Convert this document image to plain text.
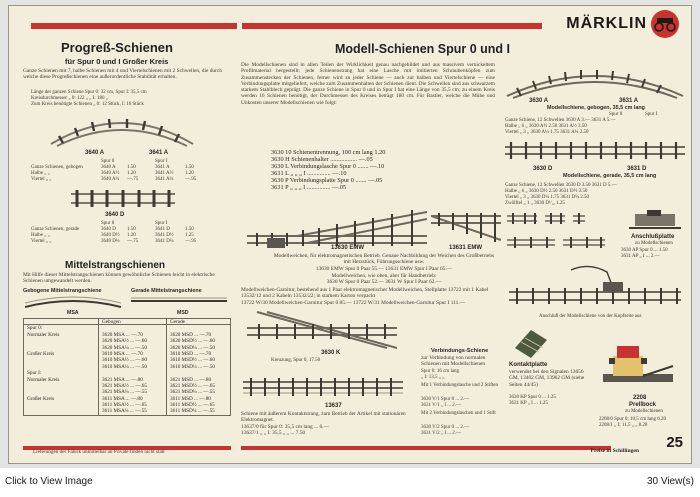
MÄRKLIN
Progreß-Schienen
für Spur 0 und I Großer Kreis
Ganze Schienen mit 7, halbe Schienen mit 4 und Viertelschienen mit 2 Schwellen, die durch welche diese Progreßschienen eine außerordentliche Stabilität erhalten.
Länge der ganzen Schiene Spur 0: 32 cm, Spur I: 35,5 cm
Kreisdurchmesser „ 0: 122 „ „ I: 180 „
Zum Kreis benötigte Schienen „ 0: 12 Stück, I: 16 Stück
3640 A	3641 A
Spur 0	Spur I
Ganze Schienen, gebogen	3640 A 1.50	3641 A	1.50
Halbe „ „	3640 A½ 1.20	3641 A½ 1.20
Viertel „ „	3640 A¼ —.75	3641 A¼ —.95
3640 D
Spur 0	Spur I
Ganze Schienen, gerade	3640 D 1.50	3641 D	1.50
Halbe „ „	3640 D½ 1.20	3641 D½ 1.25
Viertel „ „	3640 D¼ —.75	3641 D¼ —.95
Mittelstrangschienen
Mit Hilfe dieser Mittelstrangschienen können gewöhnliche Schienen leicht in elektrische Schienen umgewandelt werden.
Gebogene Mittelstrangschiene	Gerade Mittelstrangschiene
MSA	MSD
Gebogen	Gerade
Spur 0:
Normaler Kreis	3620 MSA ... —.70	3620 MSD ... —.70
3620 MSA½ ... —.60	3620 MSD½ ... —.60
3620 MSA¼ ... —.50	3620 MSD¼ ... —.50
Großer Kreis	3610 MSA ... —.70	3610 MSD ... —.70
3610 MSA½ ... —.60	3610 MSD½ ... —.60
3610 MSA¼ ... —.50	3610 MSD¼ ... —.50
Spur I:
Normaler Kreis	3621 MSA ... —.80	3621 MSD ... —.80
3621 MSA½ ... —.65	3621 MSD½ ... —.65
3621 MSA¼ ... —.55	3621 MSD¼ ... —.55
Großer Kreis	3611 MSA ... —.80	3611 MSD ... —.80
3611 MSA½ ... —.65	3611 MSD½ ... —.65
3611 MSA¼ ... —.55	3611 MSD¼ ... —.55
Lieferungen der Fabrik unmittelbar an Private finden nicht statt
Modell-Schienen Spur 0 und I
Die Modellschienen sind in allen Teilen der Wirklichkeit genau nachgebildet und aus massivem vernickeltem Profilmaterial hergestellt; jede Schienenstrang hat eine Lasche mit imitierten Schraubenköpfen zum Zusammenstecken der Schienen, ferner wird zu jeder Schiene — auch zur halben und Viertelschiene — eine Verbindungsplatte mitgeliefert, welche zum Zusammenhalten der Schienen dient. Die Schwellen sind aus schwarzem starkem Stahlblech geprägt. Die ganze Schiene in Spur 0 und in Spur I hat eine Länge von 35,5 cm; zu einem Kreis werden 16 Schienen benötigt, der Durchmesser des Kreises beträgt 180 cm. Für Bastler, welche die Mühe und Unkosten unserer Modellschienen wie folgt:
3630 10 Schienentrennung, 100 cm lang 1.20
3630 H Schienenhalter ................. —.05
3630 L Verbindungslasche Spur 0 ....... —.10
3631 L „ „ „ I ............... —.10
3630 P Verbindungsplatte Spur 0 ....... —.05
3631 P „ „ „ I ............... —.05
13630 EMW	13631 EMW
Modellweichen, für elektromagnetischen Betrieb. Genaue Nachbildung der Weichen des Großbetriebs mit Herzstück, Führungsschiene usw.
13630 EMW Spur 0 Paar 55.— 13631 EMW Spur I Paar 65.—
Modellweichen, wie oben, aber für Handbetrieb:
3630 W Spur 0 Paar 52.— 3631 W Spur I Paar 62.—
Modellweichen-Garnitur, bestehend aus 1 Paar elektromagnetischer Modellweichen, Stellplatte 13722 mit 1 Kabel 13532/12 und 2 Kabeln 13532/22; in starkem Karton verpackt
13722 W/30 Modellweichen-Garnitur Spur 0 85.— 13722 W/31 Modellweichen-Garnitur Spur I 111.—
3630 K
Kreuzung, Spur 0, 17.50
Verbindungs-Schiene
zur Verbindung von normalen Schienen mit Modellschienen
Spur 0: 16 cm lang
„ I: 13,5 „ „
Mit 1 Verbindungslasche und 2 Stiften
3630 V/1 Spur 0 ... 2.—
3631 V/1 „ I ... 2.—
Mit 2 Verbindungslaschen und 1 Stift
3630 V/2 Spur 0 ... 2.—
3631 V/2 „ I ... 2.—
13637
Schiene mit äußerem Kontaktstrang, zum Betrieb der Artikel mit stationären Elektromagnet.
13637/0 für Spur 0: 35,5 cm lang ... 6.—
13637/1 „ „ I: 35,5 „ „ ... 7.50
Preise in Schillingen 25
3630 A	3631 A
Modellschiene, gebogen, 35,5 cm lang
Spur 0	Spur I
Ganze Schiene, 12 Schwellen 3630 A 3.— 3631 A 5.—
Halbe „ 6 „ 3630 A½ 2.50 3631 A½ 3.50
Viertel „ 3 „ 3630 A¼ 1.75 3631 A¼ 2.50
3630 D	3631 D
Modellschiene, gerade, 35,5 cm lang
Ganze Schiene, 12 Schwellen 3630 D 3.50 3631 D 5.—
Halbe „ 6 „ 3630 D½ 2.50 3631 D½ 3.50
Viertel „ 3 „ 3630 D¼ 1.75 3631 D¼ 2.50
Zwölftel „ 1 „ 3630 D¹⁄₁₂ 1.25
Anschlußplatte
zu Modellschienen
3630 AP Spur 0 ... 1.50
3631 AP „ I ... 2.—
Anschluß der Modellschiene von der Kopfseite aus
Kontaktplatte
verwendet bei den Signalen 13656 GM, 13402 GM, 13962 GM (siehe Seiten 44/45)
3630 KP Spur 0 ... 1.25
3631 KP „ I ... 1.25
2208
Prellbock
zu Modellschienen
2208/0 Spur 0; 10,5 cm lang 6.20
2208/1 „ I; 11,5 „ „ 8.20
Click to View Image	30 View(s)
